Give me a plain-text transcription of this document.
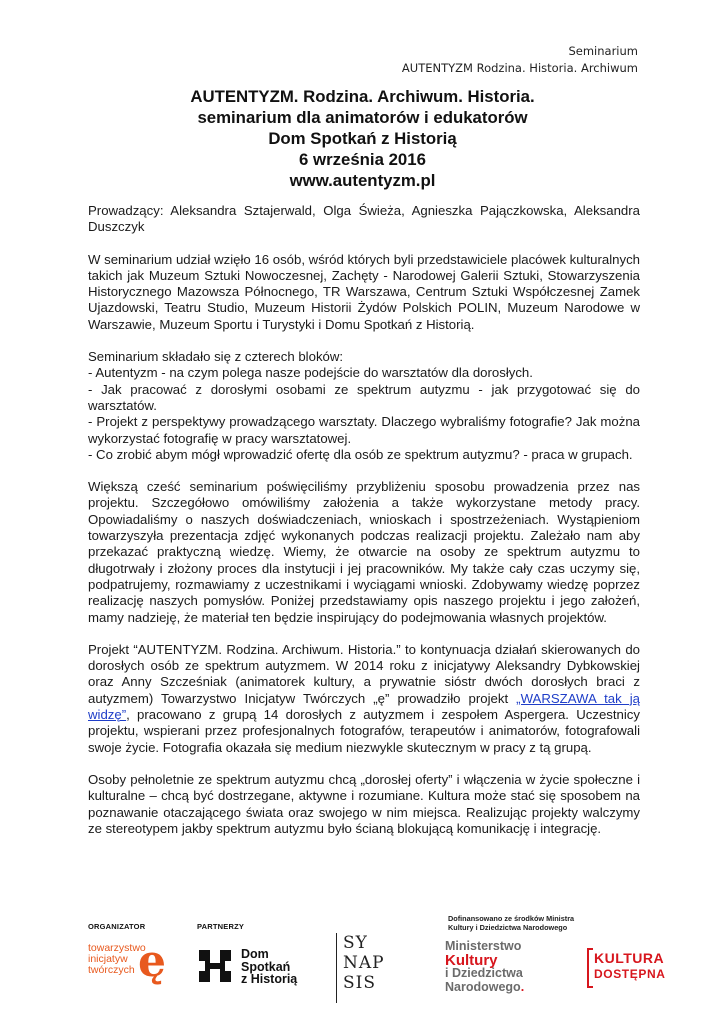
Seminarium
AUTENTYZM Rodzina. Historia. Archiwum
AUTENTYZM. Rodzina. Archiwum. Historia.
seminarium dla animatorów i edukatorów
Dom Spotkań z Historią
6 września 2016
www.autentyzm.pl

Prowadzący: Aleksandra Sztajerwald, Olga Świeża, Agnieszka Pajączkowska, Aleksandra Duszczyk

W seminarium udział wzięło 16 osób, wśród których byli przedstawiciele placówek kulturalnych takich jak Muzeum Sztuki Nowoczesnej, Zachęty - Narodowej Galerii Sztuki, Stowarzyszenia Historycznego Mazowsza Północnego, TR Warszawa, Centrum Sztuki Współczesnej Zamek Ujazdowski, Teatru Studio, Muzeum Historii Żydów Polskich POLIN, Muzeum Narodowe w Warszawie, Muzeum Sportu i Turystyki i Domu Spotkań z Historią.

Seminarium składało się z czterech bloków:
- Autentyzm - na czym polega nasze podejście do warsztatów dla dorosłych.
- Jak pracować z dorosłymi osobami ze spektrum autyzmu - jak przygotować się do warsztatów.
- Projekt z perspektywy prowadzącego warsztaty. Dlaczego wybraliśmy fotografie? Jak można wykorzystać fotografię w pracy warsztatowej.
- Co zrobić abym mógł wprowadzić ofertę dla osób ze spektrum autyzmu? - praca w grupach.

Większą cześć seminarium poświęciliśmy przybliżeniu sposobu prowadzenia przez nas projektu. Szczegółowo omówiliśmy założenia a także wykorzystane metody pracy. Opowiadaliśmy o naszych doświadczeniach, wnioskach i spostrzeżeniach. Wystąpieniom towarzyszyła prezentacja zdjęć wykonanych podczas realizacji projektu. Zależało nam aby przekazać praktyczną wiedzę. Wiemy, że otwarcie na osoby ze spektrum autyzmu to długotrwały i złożony proces dla instytucji i jej pracowników. My także cały czas uczymy się, podpatrujemy, rozmawiamy z uczestnikami i wyciągami wnioski. Zdobywamy wiedzę poprzez realizację naszych pomysłów. Poniżej przedstawiamy opis naszego projektu i jego założeń, mamy nadzieję, że materiał ten będzie inspirujący do podejmowania własnych projektów.

Projekt “AUTENTYZM. Rodzina. Archiwum. Historia.” to kontynuacja działań skierowanych do dorosłych osób ze spektrum autyzmem. W 2014 roku z inicjatywy Aleksandry Dybkowskiej oraz Anny Szcześniak (animatorek kultury, a prywatnie sióstr dwóch dorosłych braci z autyzmem) Towarzystwo Inicjatyw Twórczych „ę” prowadziło projekt „WARSZAWA tak ją widzę”, pracowano z grupą 14 dorosłych z autyzmem i zespołem Aspergera. Uczestnicy projektu, wspierani przez profesjonalnych fotografów, terapeutów i animatorów, fotografowali swoje życie. Fotografia okazała się medium niezwykle skutecznym w pracy z tą grupą.

Osoby pełnoletnie ze spektrum autyzmu chcą „dorosłej oferty” i włączenia w życie społeczne i kulturalne – chcą być dostrzegane, aktywne i rozumiane. Kultura może stać się sposobem na poznawanie otaczającego świata oraz swojego w nim miejsca. Realizując projekty walczymy ze stereotypem jakby spektrum autyzmu było ścianą blokującą komunikację i integrację.

ORGANIZATOR	PARTNERZY
towarzystwo
inicjatyw
twórczych ę	Dom
Spotkań
z Historią
SY
NAP
SIS
Dofinansowano ze środków Ministra
Kultury i Dziedzictwa Narodowego
Ministerstwo
Kultury
i Dziedzictwa
Narodowego.
KULTURA
DOSTĘPNA
